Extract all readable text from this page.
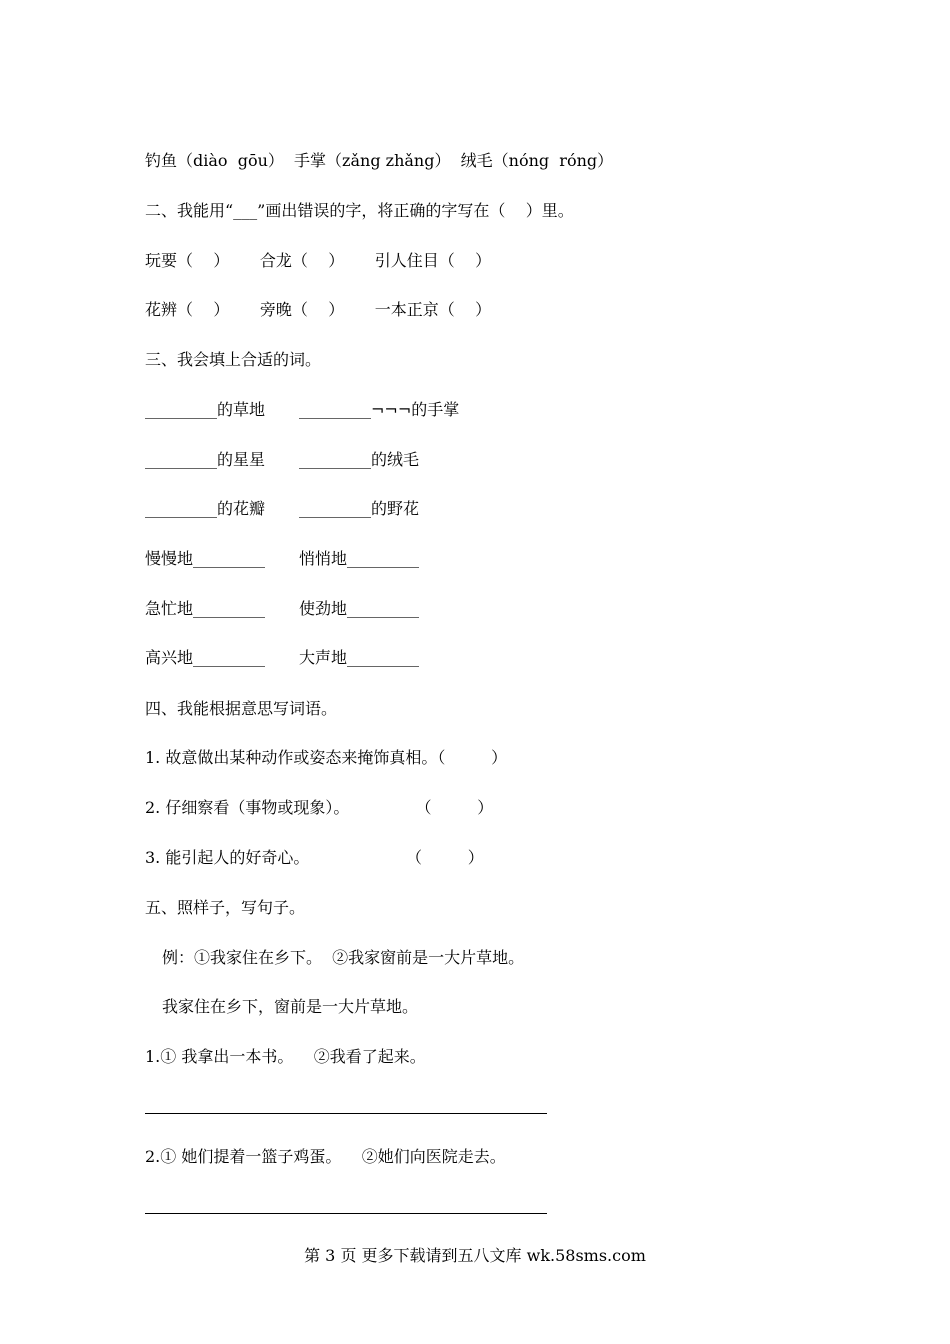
钓鱼（diào  gōu）  手掌（zǎng zhǎng）  绒毛（nóng  róng）
二、我能用“___”画出错误的字，将正确的字写在（    ）里。
玩要（    ）      合龙（    ）      引人住目（    ）
花辨（    ）      旁晚（    ）      一本正京（    ）
三、我会填上合适的词。
_________的草地 _________¬¬¬的手掌
_________的星星 _________的绒毛
_________的花瓣 _________的野花
慢慢地_________ 悄悄地_________
急忙地_________ 使劲地_________
高兴地_________ 大声地_________
四、我能根据意思写词语。
1. 故意做出某种动作或姿态来掩饰真相。（         ）
2. 仔细察看（事物或现象）。             （         ）
3. 能引起人的好奇心。                   （         ）
五、照样子，写句子。
例：①我家住在乡下。  ②我家窗前是一大片草地。
我家住在乡下，窗前是一大片草地。
1.① 我拿出一本书。    ②我看了起来。
2.① 她们提着一篮子鸡蛋。    ②她们向医院走去。
第 3 页 更多下载请到五八文库 wk.58sms.com
